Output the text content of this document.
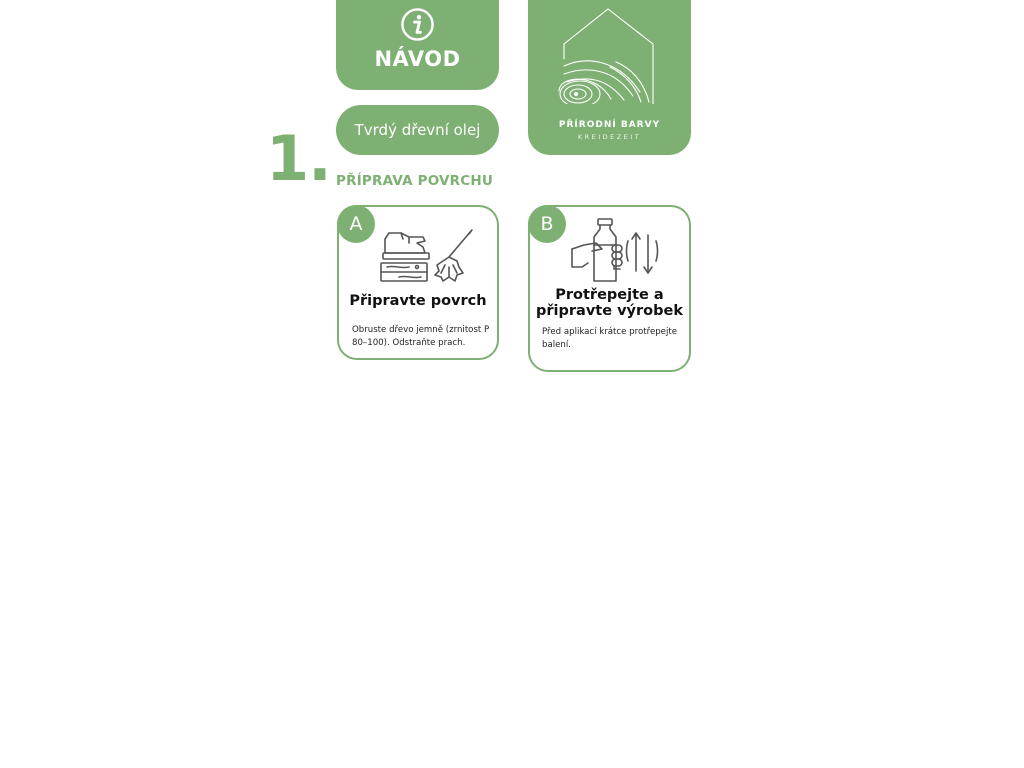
NÁVOD
Tvrdý dřevní olej	PŘÍRODNÍ BARVY
KREIDEZEIT
1. PŘÍPRAVA POVRCHU
A
Připravte povrch
Obruste dřevo jemně (zrnitost P 80–100). Odstraňte prach.
B
Protřepejte a
připravte výrobek
Před aplikací krátce protřepejte balení.
